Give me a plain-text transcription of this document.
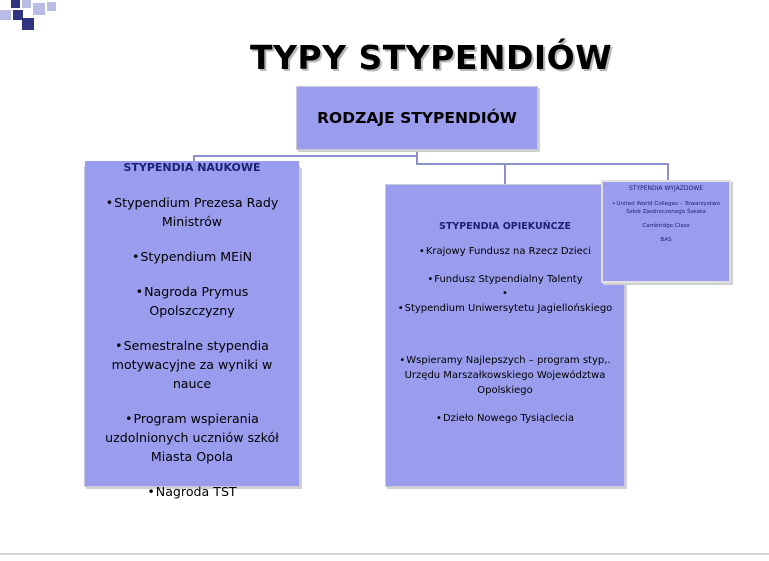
TYPY STYPENDIÓW
RODZAJE STYPENDIÓW
STYPENDIA NAUKOWE
•Stypendium Prezesa Rady Ministrów
•Stypendium MEiN
•Nagroda Prymus Opolszczyzny
•Semestralne stypendia motywacyjne za wyniki w nauce
•Program wspierania uzdolnionych uczniów szkół Miasta Opola
•Nagroda TST
STYPENDIA OPIEKUŃCZE
•Krajowy Fundusz na Rzecz Dzieci
•Fundusz Stypendialny Talenty
•
•Stypendium Uniwersytetu Jagiellońskiego
•Wspieramy Najlepszych – program styp,. Urzędu Marszałkowskiego Województwa Opolskiego
•Dzieło Nowego Tysiąclecia
STYPENDIA WYJAZDOWE
•United World Colleges – Towarzystwo Szkół Zjednoczonego Świata
Cambridge Class
BAS
